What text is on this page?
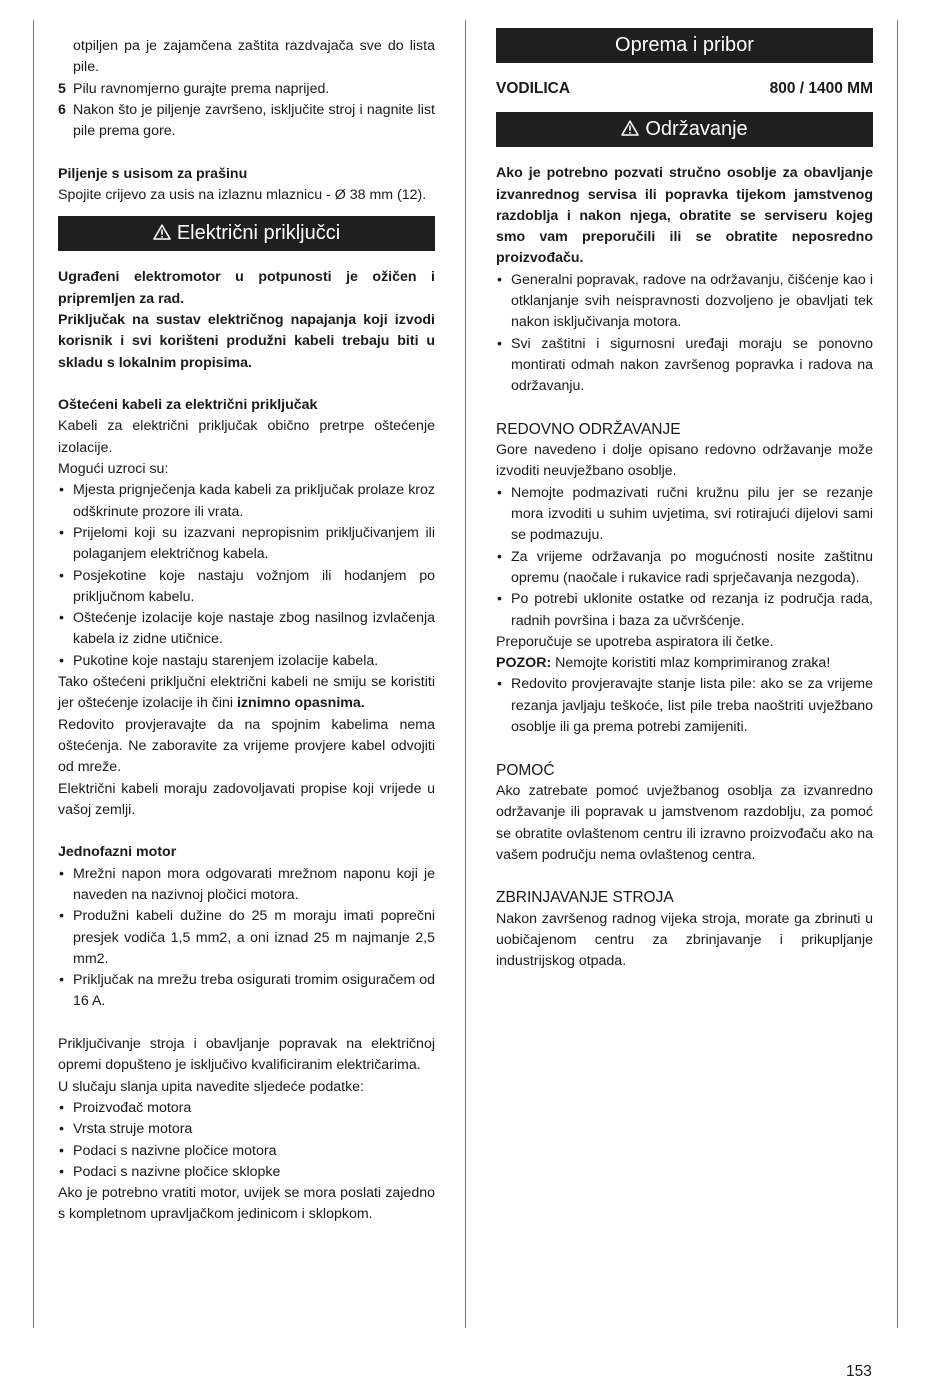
otpiljen pa je zajamčena zaštita razdvajača sve do lista pile.

5 Pilu ravnomjerno gurajte prema naprijed.
6 Nakon što je piljenje završeno, isključite stroj i nagnite list pile prema gore.

Piljenje s usisom za prašinu

Spojite crijevo za usis na izlaznu mlaznicu - Ø 38 mm (12).

Električni priključci

Ugrađeni elektromotor u potpunosti je ožičen i pripremljen za rad.

Priključak na sustav električnog napajanja koji izvodi korisnik i svi korišteni produžni kabeli trebaju biti u skladu s lokalnim propisima.

Oštećeni kabeli za električni priključak

Kabeli za električni priključak obično pretrpe oštećenje izolacije.

Mogući uzroci su:

• Mjesta prignječenja kada kabeli za priključak prolaze kroz odškrinute prozore ili vrata.
• Prijelomi koji su izazvani nepropisnim priključivanjem ili polaganjem električnog kabela.
• Posjekotine koje nastaju vožnjom ili hodanjem po priključnom kabelu.
• Oštećenje izolacije koje nastaje zbog nasilnog izvlačenja kabela iz zidne utičnice.
• Pukotine koje nastaju starenjem izolacije kabela.

Tako oštećeni priključni električni kabeli ne smiju se koristiti jer oštećenje izolacije ih čini iznimno opasnima.

Redovito provjeravajte da na spojnim kabelima nema oštećenja. Ne zaboravite za vrijeme provjere kabel odvojiti od mreže.

Električni kabeli moraju zadovoljavati propise koji vrijede u vašoj zemlji.

Jednofazni motor

• Mrežni napon mora odgovarati mrežnom naponu koji je naveden na nazivnoj pločici motora.
• Produžni kabeli dužine do 25 m moraju imati poprečni presjek vodiča 1,5 mm2, a oni iznad 25 m najmanje 2,5 mm2.
• Priključak na mrežu treba osigurati tromim osiguračem od 16 A.

Priključivanje stroja i obavljanje popravak na električnoj opremi dopušteno je isključivo kvalificiranim električarima.

U slučaju slanja upita navedite sljedeće podatke:

• Proizvođač motora
• Vrsta struje motora
• Podaci s nazivne pločice motora
• Podaci s nazivne pločice sklopke

Ako je potrebno vratiti motor, uvijek se mora poslati zajedno s kompletnom upravljačkom jedinicom i sklopkom.

Oprema i pribor
VODILICA	800 / 1400 MM
Održavanje

Ako je potrebno pozvati stručno osoblje za obavljanje izvanrednog servisa ili popravka tijekom jamstvenog razdoblja i nakon njega, obratite se serviseru kojeg smo vam preporučili ili se obratite neposredno proizvođaču.

• Generalni popravak, radove na održavanju, čišćenje kao i otklanjanje svih neispravnosti dozvoljeno je obavljati tek nakon isključivanja motora.
• Svi zaštitni i sigurnosni uređaji moraju se ponovno montirati odmah nakon završenog popravka i radova na održavanju.

REDOVNO ODRŽAVANJE

Gore navedeno i dolje opisano redovno održavanje može izvoditi neuvježbano osoblje.

• Nemojte podmazivati ručni kružnu pilu jer se rezanje mora izvoditi u suhim uvjetima, svi rotirajući dijelovi sami se podmazuju.
• Za vrijeme održavanja po mogućnosti nosite zaštitnu opremu (naočale i rukavice radi sprječavanja nezgoda).
• Po potrebi uklonite ostatke od rezanja iz područja rada, radnih površina i baza za učvršćenje.

Preporučuje se upotreba aspiratora ili četke.

POZOR: Nemojte koristiti mlaz komprimiranog zraka!

• Redovito provjeravajte stanje lista pile: ako se za vrijeme rezanja javljaju teškoće, list pile treba naoštriti uvježbano osoblje ili ga prema potrebi zamijeniti.

POMOĆ

Ako zatrebate pomoć uvježbanog osoblja za izvanredno održavanje ili popravak u jamstvenom razdoblju, za pomoć se obratite ovlaštenom centru ili izravno proizvođaču ako na vašem području nema ovlaštenog centra.

ZBRINJAVANJE STROJA

Nakon završenog radnog vijeka stroja, morate ga zbrinuti u uobičajenom centru za zbrinjavanje i prikupljanje industrijskog otpada.

153
